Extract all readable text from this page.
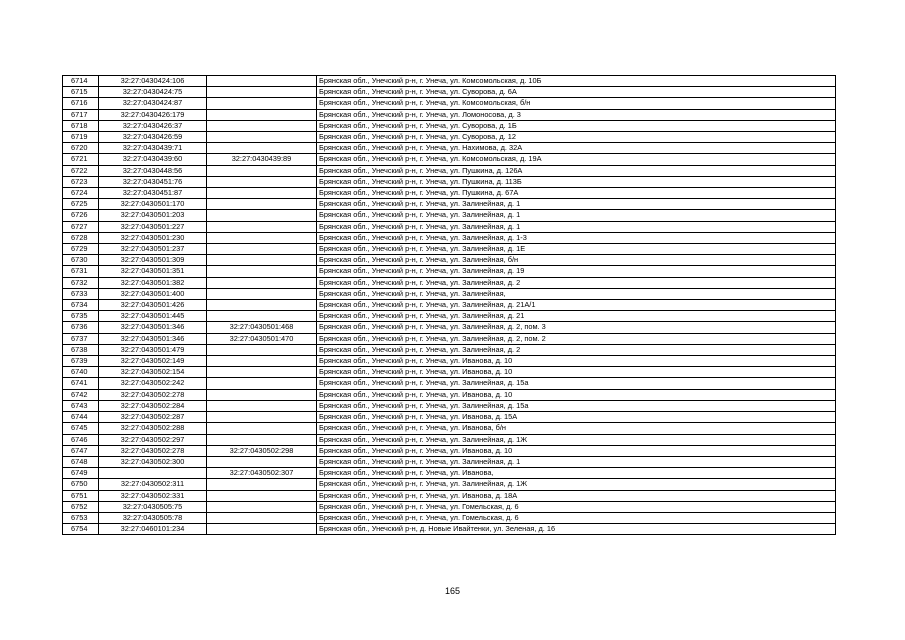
6714	32:27:0430424:106		Брянская обл., Унечский р-н, г. Унеча, ул. Комсомольская, д. 10Б
6715	32:27:0430424:75		Брянская обл., Унечский р-н, г. Унеча, ул. Суворова, д. 6А
6716	32:27:0430424:87		Брянская обл., Унечский р-н, г. Унеча, ул. Комсомольская, б/н
6717	32:27:0430426:179		Брянская обл., Унечский р-н, г. Унеча, ул. Ломоносова, д. 3
6718	32:27:0430426:37		Брянская обл., Унечский р-н, г. Унеча, ул. Суворова, д. 1Б
6719	32:27:0430426:59		Брянская обл., Унечский р-н, г. Унеча, ул. Суворова, д. 12
6720	32:27:0430439:71		Брянская обл., Унечский р-н, г. Унеча, ул. Нахимова, д. 32А
6721	32:27:0430439:60	32:27:0430439:89	Брянская обл., Унечский р-н, г. Унеча, ул. Комсомольская, д. 19А
6722	32:27:0430448:56		Брянская обл., Унечский р-н, г. Унеча, ул. Пушкина, д. 126А
6723	32:27:0430451:76		Брянская обл., Унечский р-н, г. Унеча, ул. Пушкина, д. 113Б
6724	32:27:0430451:87		Брянская обл., Унечский р-н, г. Унеча, ул. Пушкина, д. 67А
6725	32:27:0430501:170		Брянская обл., Унечский р-н, г. Унеча, ул. Залинейная, д. 1
6726	32:27:0430501:203		Брянская обл., Унечский р-н, г. Унеча, ул. Залинейная, д. 1
6727	32:27:0430501:227		Брянская обл., Унечский р-н, г. Унеча, ул. Залинейная, д. 1
6728	32:27:0430501:230		Брянская обл., Унечский р-н, г. Унеча, ул. Залинейная, д. 1-3
6729	32:27:0430501:237		Брянская обл., Унечский р-н, г. Унеча, ул. Залинейная, д. 1Е
6730	32:27:0430501:309		Брянская обл., Унечский р-н, г. Унеча, ул. Залинейная, б/н
6731	32:27:0430501:351		Брянская обл., Унечский р-н, г. Унеча, ул. Залинейная, д. 19
6732	32:27:0430501:382		Брянская обл., Унечский р-н, г. Унеча, ул. Залинейная, д. 2
6733	32:27:0430501:400		Брянская обл., Унечский р-н, г. Унеча, ул. Залинейная,
6734	32:27:0430501:426		Брянская обл., Унечский р-н, г. Унеча, ул. Залинейная, д. 21А/1
6735	32:27:0430501:445		Брянская обл., Унечский р-н, г. Унеча, ул. Залинейная, д. 21
6736	32:27:0430501:346	32:27:0430501:468	Брянская обл., Унечский р-н, г. Унеча, ул. Залинейная, д. 2, пом. 3
6737	32:27:0430501:346	32:27:0430501:470	Брянская обл., Унечский р-н, г. Унеча, ул. Залинейная, д. 2, пом. 2
6738	32:27:0430501:479		Брянская обл., Унечский р-н, г. Унеча, ул. Залинейная, д. 2
6739	32:27:0430502:149		Брянская обл., Унечский р-н, г. Унеча, ул. Иванова, д. 10
6740	32:27:0430502:154		Брянская обл., Унечский р-н, г. Унеча, ул. Иванова, д. 10
6741	32:27:0430502:242		Брянская обл., Унечский р-н, г. Унеча, ул. Залинейная, д. 15а
6742	32:27:0430502:278		Брянская обл., Унечский р-н, г. Унеча, ул. Иванова, д. 10
6743	32:27:0430502:284		Брянская обл., Унечский р-н, г. Унеча, ул. Залинейная, д. 15а
6744	32:27:0430502:287		Брянская обл., Унечский р-н, г. Унеча, ул. Иванова, д. 15А
6745	32:27:0430502:288		Брянская обл., Унечский р-н, г. Унеча, ул. Иванова, б/н
6746	32:27:0430502:297		Брянская обл., Унечский р-н, г. Унеча, ул. Залинейная, д. 1Ж
6747	32:27:0430502:278	32:27:0430502:298	Брянская обл., Унечский р-н, г. Унеча, ул. Иванова, д. 10
6748	32:27:0430502:300		Брянская обл., Унечский р-н, г. Унеча, ул. Залинейная, д. 1
6749		32:27:0430502:307	Брянская обл., Унечский р-н, г. Унеча, ул. Иванова,
6750	32:27:0430502:311		Брянская обл., Унечский р-н, г. Унеча, ул. Залинейная, д. 1Ж
6751	32:27:0430502:331		Брянская обл., Унечский р-н, г. Унеча, ул. Иванова, д. 18А
6752	32:27:0430505:75		Брянская обл., Унечский р-н, г. Унеча, ул. Гомельская, д. 6
6753	32:27:0430505:78		Брянская обл., Унечский р-н, г. Унеча, ул. Гомельская, д. 6
6754	32:27:0460101:234		Брянская обл., Унечский р-н, д. Новые Ивайтенки, ул. Зеленая, д. 16
165
